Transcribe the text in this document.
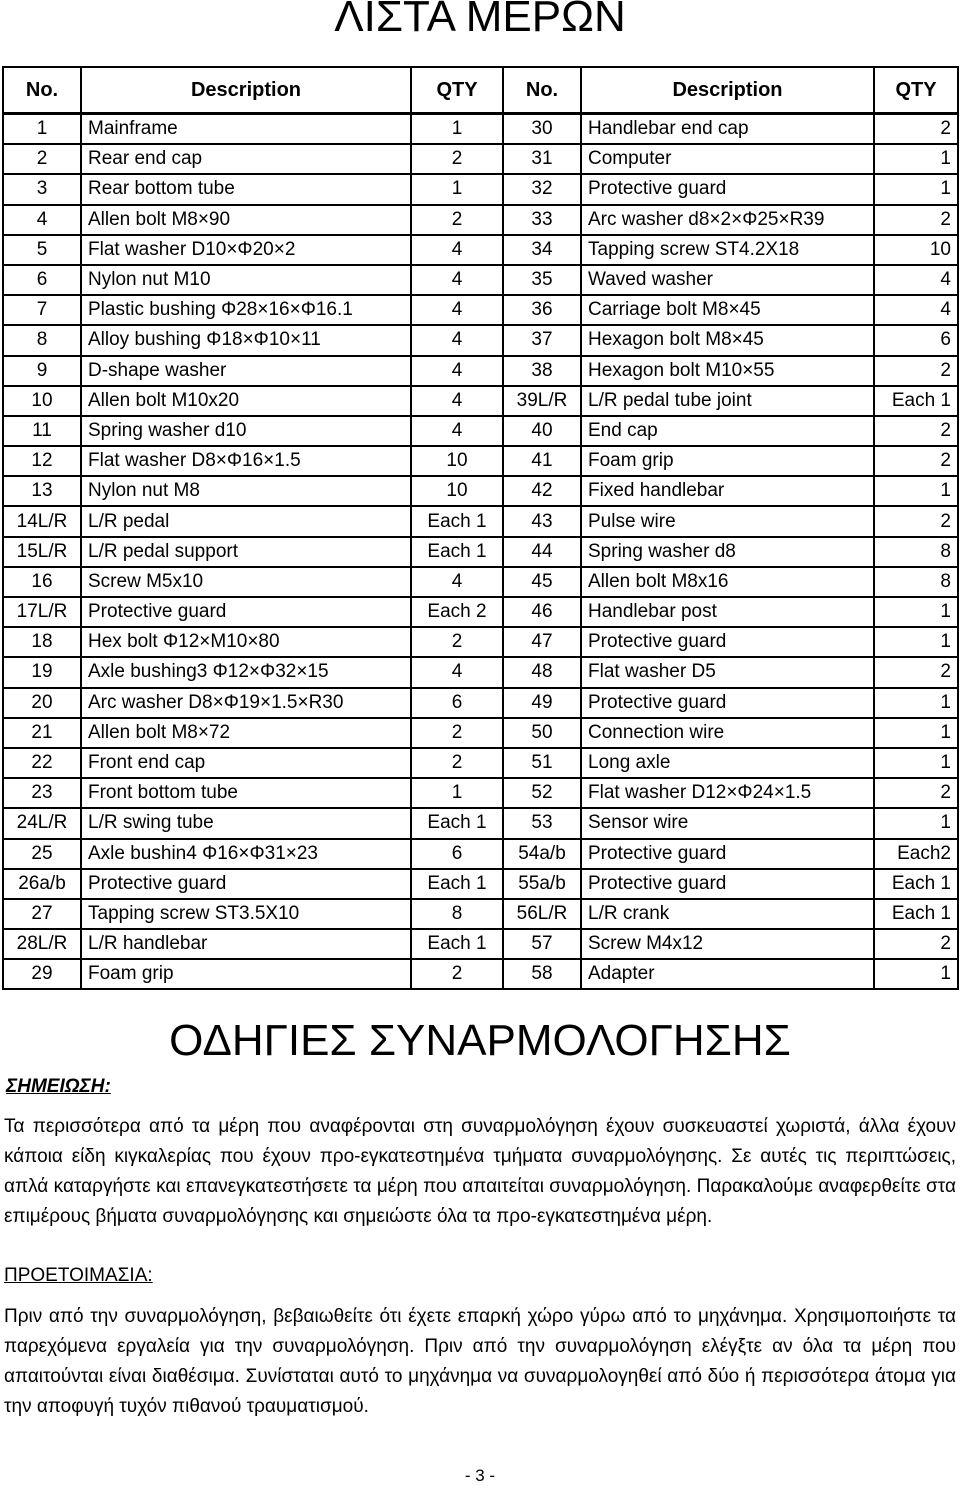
ΛΙΣΤΑ ΜΕΡΩΝ
No.	Description	QTY	No.	Description	QTY
1	Mainframe	1	30	Handlebar end cap	2
2	Rear end cap	2	31	Computer	1
3	Rear bottom tube	1	32	Protective guard	1
4	Allen bolt M8×90	2	33	Arc washer d8×2×Φ25×R39	2
5	Flat washer D10×Φ20×2	4	34	Tapping screw ST4.2X18	10
6	Nylon nut M10	4	35	Waved washer	4
7	Plastic bushing Φ28×16×Φ16.1	4	36	Carriage bolt M8×45	4
8	Alloy bushing Φ18×Φ10×11	4	37	Hexagon bolt M8×45	6
9	D-shape washer	4	38	Hexagon bolt M10×55	2
10	Allen bolt M10x20	4	39L/R	L/R pedal tube joint	Each 1
11	Spring washer d10	4	40	End cap	2
12	Flat washer D8×Φ16×1.5	10	41	Foam grip	2
13	Nylon nut M8	10	42	Fixed handlebar	1
14L/R	L/R pedal	Each 1	43	Pulse wire	2
15L/R	L/R pedal support	Each 1	44	Spring washer d8	8
16	Screw M5x10	4	45	Allen bolt M8x16	8
17L/R	Protective guard	Each 2	46	Handlebar post	1
18	Hex bolt Φ12×M10×80	2	47	Protective guard	1
19	Axle bushing3 Φ12×Φ32×15	4	48	Flat washer D5	2
20	Arc washer D8×Φ19×1.5×R30	6	49	Protective guard	1
21	Allen bolt M8×72	2	50	Connection wire	1
22	Front end cap	2	51	Long axle	1
23	Front bottom tube	1	52	Flat washer D12×Φ24×1.5	2
24L/R	L/R swing tube	Each 1	53	Sensor wire	1
25	Axle bushin4 Φ16×Φ31×23	6	54a/b	Protective guard	Each2
26a/b	Protective guard	Each 1	55a/b	Protective guard	Each 1
27	Tapping screw ST3.5X10	8	56L/R	L/R crank	Each 1
28L/R	L/R handlebar	Each 1	57	Screw M4x12	2
29	Foam grip	2	58	Adapter	1
ΟΔΗΓΙΕΣ ΣΥΝΑΡΜΟΛΟΓΗΣΗΣ
ΣΗΜΕΙΩΣΗ:
Τα περισσότερα από τα μέρη που αναφέρονται στη συναρμολόγηση έχουν συσκευαστεί χωριστά, άλλα έχουν κάποια είδη κιγκαλερίας που έχουν προ-εγκατεστημένα τμήματα συναρμολόγησης. Σε αυτές τις περιπτώσεις, απλά καταργήστε και επανεγκατεστήσετε τα μέρη που απαιτείται συναρμολόγηση. Παρακαλούμε αναφερθείτε στα επιμέρους βήματα συναρμολόγησης και σημειώστε όλα τα προ-εγκατεστημένα μέρη.
ΠΡΟΕΤΟΙΜΑΣΙΑ:
Πριν από την συναρμολόγηση, βεβαιωθείτε ότι έχετε επαρκή χώρο γύρω από το μηχάνημα. Χρησιμοποιήστε τα παρεχόμενα εργαλεία για την συναρμολόγηση. Πριν από την συναρμολόγηση ελέγξτε αν όλα τα μέρη που απαιτούνται είναι διαθέσιμα. Συνίσταται αυτό το μηχάνημα να συναρμολογηθεί από δύο ή περισσότερα άτομα για την αποφυγή τυχόν πιθανού τραυματισμού.
- 3 -
